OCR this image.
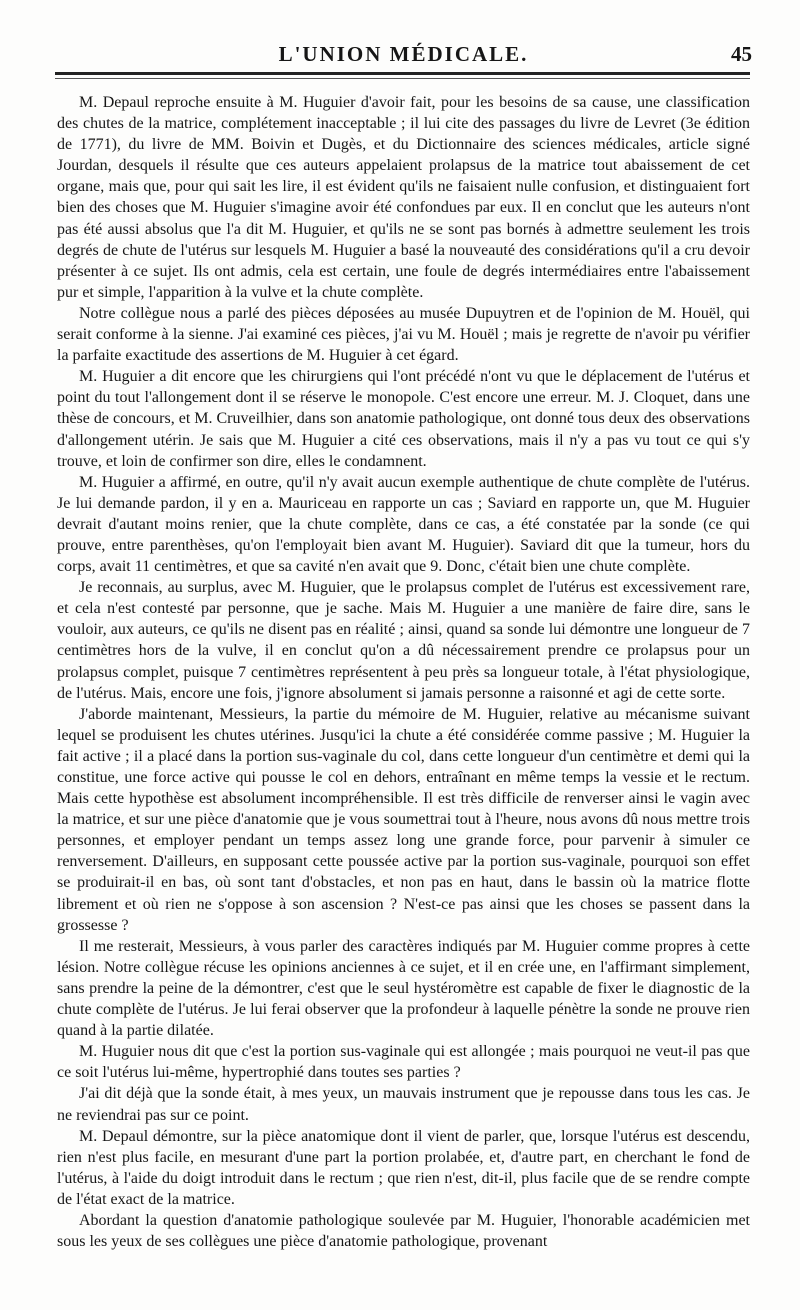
L'UNION MÉDICALE.	45

M. Depaul reproche ensuite à M. Huguier d'avoir fait, pour les besoins de sa cause, une classification des chutes de la matrice, complétement inacceptable ; il lui cite des passages du livre de Levret (3e édition de 1771), du livre de MM. Boivin et Dugès, et du Dictionnaire des sciences médicales, article signé Jourdan, desquels il résulte que ces auteurs appelaient prolapsus de la matrice tout abaissement de cet organe, mais que, pour qui sait les lire, il est évident qu'ils ne faisaient nulle confusion, et distinguaient fort bien des choses que M. Huguier s'imagine avoir été confondues par eux. Il en conclut que les auteurs n'ont pas été aussi absolus que l'a dit M. Huguier, et qu'ils ne se sont pas bornés à admettre seulement les trois degrés de chute de l'utérus sur lesquels M. Huguier a basé la nouveauté des considérations qu'il a cru devoir présenter à ce sujet. Ils ont admis, cela est certain, une foule de degrés intermédiaires entre l'abaissement pur et simple, l'apparition à la vulve et la chute complète.

Notre collègue nous a parlé des pièces déposées au musée Dupuytren et de l'opinion de M. Houël, qui serait conforme à la sienne. J'ai examiné ces pièces, j'ai vu M. Houël ; mais je regrette de n'avoir pu vérifier la parfaite exactitude des assertions de M. Huguier à cet égard.

M. Huguier a dit encore que les chirurgiens qui l'ont précédé n'ont vu que le déplacement de l'utérus et point du tout l'allongement dont il se réserve le monopole. C'est encore une erreur. M. J. Cloquet, dans une thèse de concours, et M. Cruveilhier, dans son anatomie pathologique, ont donné tous deux des observations d'allongement utérin. Je sais que M. Huguier a cité ces observations, mais il n'y a pas vu tout ce qui s'y trouve, et loin de confirmer son dire, elles le condamnent.

M. Huguier a affirmé, en outre, qu'il n'y avait aucun exemple authentique de chute complète de l'utérus. Je lui demande pardon, il y en a. Mauriceau en rapporte un cas ; Saviard en rapporte un, que M. Huguier devrait d'autant moins renier, que la chute complète, dans ce cas, a été constatée par la sonde (ce qui prouve, entre parenthèses, qu'on l'employait bien avant M. Huguier). Saviard dit que la tumeur, hors du corps, avait 11 centimètres, et que sa cavité n'en avait que 9. Donc, c'était bien une chute complète.

Je reconnais, au surplus, avec M. Huguier, que le prolapsus complet de l'utérus est excessivement rare, et cela n'est contesté par personne, que je sache. Mais M. Huguier a une manière de faire dire, sans le vouloir, aux auteurs, ce qu'ils ne disent pas en réalité ; ainsi, quand sa sonde lui démontre une longueur de 7 centimètres hors de la vulve, il en conclut qu'on a dû nécessairement prendre ce prolapsus pour un prolapsus complet, puisque 7 centimètres représentent à peu près sa longueur totale, à l'état physiologique, de l'utérus. Mais, encore une fois, j'ignore absolument si jamais personne a raisonné et agi de cette sorte.

J'aborde maintenant, Messieurs, la partie du mémoire de M. Huguier, relative au mécanisme suivant lequel se produisent les chutes utérines. Jusqu'ici la chute a été considérée comme passive ; M. Huguier la fait active ; il a placé dans la portion sus-vaginale du col, dans cette longueur d'un centimètre et demi qui la constitue, une force active qui pousse le col en dehors, entraînant en même temps la vessie et le rectum. Mais cette hypothèse est absolument incompréhensible. Il est très difficile de renverser ainsi le vagin avec la matrice, et sur une pièce d'anatomie que je vous soumettrai tout à l'heure, nous avons dû nous mettre trois personnes, et employer pendant un temps assez long une grande force, pour parvenir à simuler ce renversement. D'ailleurs, en supposant cette poussée active par la portion sus-vaginale, pourquoi son effet se produirait-il en bas, où sont tant d'obstacles, et non pas en haut, dans le bassin où la matrice flotte librement et où rien ne s'oppose à son ascension ? N'est-ce pas ainsi que les choses se passent dans la grossesse ?

Il me resterait, Messieurs, à vous parler des caractères indiqués par M. Huguier comme propres à cette lésion. Notre collègue récuse les opinions anciennes à ce sujet, et il en crée une, en l'affirmant simplement, sans prendre la peine de la démontrer, c'est que le seul hystéromètre est capable de fixer le diagnostic de la chute complète de l'utérus. Je lui ferai observer que la profondeur à laquelle pénètre la sonde ne prouve rien quand à la partie dilatée.

M. Huguier nous dit que c'est la portion sus-vaginale qui est allongée ; mais pourquoi ne veut-il pas que ce soit l'utérus lui-même, hypertrophié dans toutes ses parties ?

J'ai dit déjà que la sonde était, à mes yeux, un mauvais instrument que je repousse dans tous les cas. Je ne reviendrai pas sur ce point.

M. Depaul démontre, sur la pièce anatomique dont il vient de parler, que, lorsque l'utérus est descendu, rien n'est plus facile, en mesurant d'une part la portion prolabée, et, d'autre part, en cherchant le fond de l'utérus, à l'aide du doigt introduit dans le rectum ; que rien n'est, dit-il, plus facile que de se rendre compte de l'état exact de la matrice.

Abordant la question d'anatomie pathologique soulevée par M. Huguier, l'honorable académicien met sous les yeux de ses collègues une pièce d'anatomie pathologique, provenant
